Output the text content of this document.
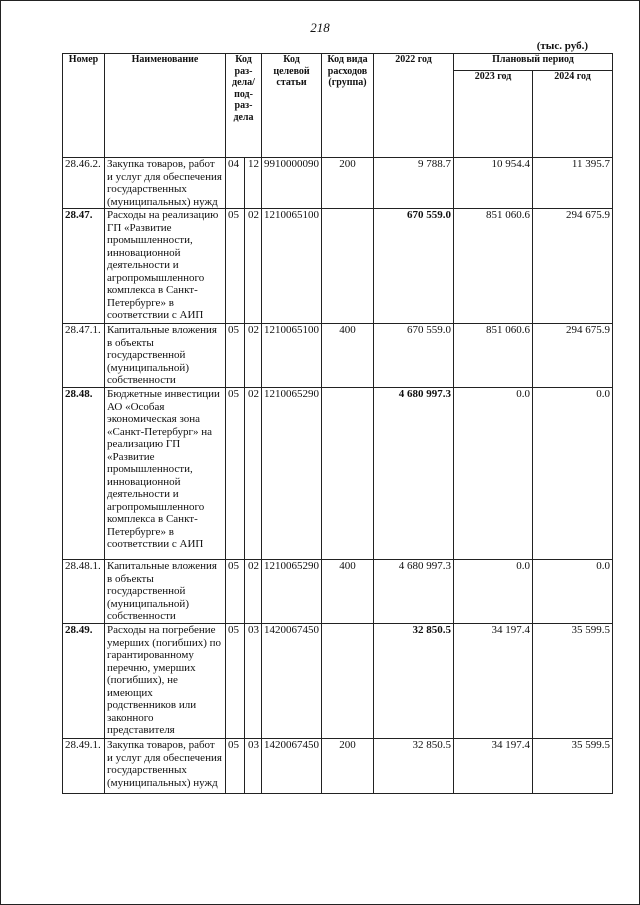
218
(тыс. руб.)
Номер	Наименование	Код раз-дела/ под-раз-дела		Код целевой статьи	Код вида расходов (группа)	2022 год	Плановый период	
							2023 год	2024 год
28.46.2.	Закупка товаров, работ и услуг для обеспечения государственных (муниципальных) нужд	04	12	9910000090	200	9 788.7	10 954.4	11 395.7
28.47.	Расходы на реализацию ГП «Развитие промышленности, инновационной деятельности и агропромышленного комплекса в Санкт-Петербурге» в соответствии с АИП	05	02	1210065100		670 559.0	851 060.6	294 675.9
28.47.1.	Капитальные вложения в объекты государственной (муниципальной) собственности	05	02	1210065100	400	670 559.0	851 060.6	294 675.9
28.48.	Бюджетные инвестиции АО «Особая экономическая зона «Санкт-Петербург» на реализацию ГП «Развитие промышленности, инновационной деятельности и агропромышленного комплекса в Санкт-Петербурге» в соответствии с АИП	05	02	1210065290		4 680 997.3	0.0	0.0
28.48.1.	Капитальные вложения в объекты государственной (муниципальной) собственности	05	02	1210065290	400	4 680 997.3	0.0	0.0
28.49.	Расходы на погребение умерших (погибших) по гарантированному перечню, умерших (погибших), не имеющих родственников или законного представителя	05	03	1420067450		32 850.5	34 197.4	35 599.5
28.49.1.	Закупка товаров, работ и услуг для обеспечения государственных (муниципальных) нужд	05	03	1420067450	200	32 850.5	34 197.4	35 599.5
